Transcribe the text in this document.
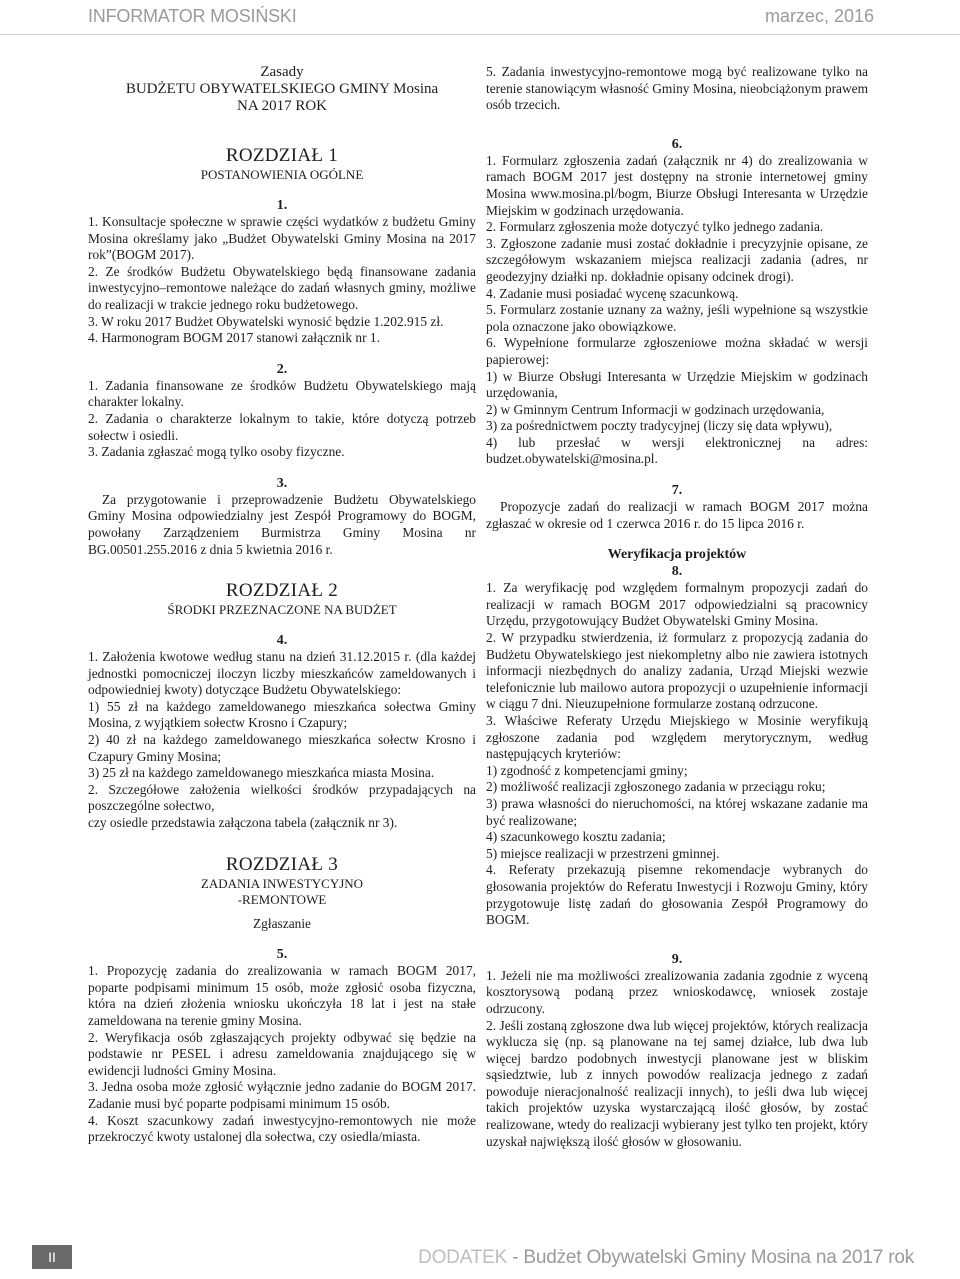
INFORMATOR MOSIŃSKI	marzec, 2016

Zasady

BUDŻETU OBYWATELSKIEGO GMINY Mosina

NA 2017 ROK

ROZDZIAŁ 1

POSTANOWIENIA OGÓLNE

1.

1. Konsultacje społeczne w sprawie części wydatków z budżetu Gminy Mosina określamy jako „Budżet Obywatelski Gminy Mosina na 2017 rok”(BOGM 2017).

2. Ze środków Budżetu Obywatelskiego będą finansowane zadania inwestycyjno–remontowe należące do zadań własnych gminy, możliwe do realizacji w trakcie jednego roku budżetowego.

3. W roku 2017 Budżet Obywatelski wynosić będzie 1.202.915 zł.

4. Harmonogram BOGM 2017 stanowi załącznik nr 1.

2.

1. Zadania finansowane ze środków Budżetu Obywatelskiego mają charakter lokalny.

2. Zadania o charakterze lokalnym to takie, które dotyczą potrzeb sołectw i osiedli.

3. Zadania zgłaszać mogą tylko osoby fizyczne.

3.

Za przygotowanie i przeprowadzenie Budżetu Obywatelskiego Gminy Mosina odpowiedzialny jest Zespół Programowy do BOGM, powołany Zarządzeniem Burmistrza Gminy Mosina nr BG.00501.255.2016 z dnia 5 kwietnia 2016 r.

ROZDZIAŁ 2

ŚRODKI PRZEZNACZONE NA BUDŻET

4.

1. Założenia kwotowe według stanu na dzień 31.12.2015 r. (dla każdej jednostki pomocniczej iloczyn liczby mieszkańców zameldowanych i odpowiedniej kwoty) dotyczące Budżetu Obywatelskiego:

1) 55 zł na każdego zameldowanego mieszkańca sołectwa Gminy Mosina, z wyjątkiem sołectw Krosno i Czapury;

2) 40 zł na każdego zameldowanego mieszkańca sołectw Krosno i Czapury Gminy Mosina;

3) 25 zł na każdego zameldowanego mieszkańca miasta Mosina.

2. Szczegółowe założenia wielkości środków przypadających na poszczególne sołectwo,

czy osiedle przedstawia załączona tabela (załącznik nr 3).

ROZDZIAŁ 3

ZADANIA INWESTYCYJNO

-REMONTOWE

Zgłaszanie

5.

1. Propozycję zadania do zrealizowania w ramach BOGM 2017, poparte podpisami minimum 15 osób, może zgłosić osoba fizyczna, która na dzień złożenia wniosku ukończyła 18 lat i jest na stałe zameldowana na terenie gminy Mosina.

2. Weryfikacja osób zgłaszających projekty odbywać się będzie na podstawie nr PESEL i adresu zameldowania znajdującego się w ewidencji ludności Gminy Mosina.

3. Jedna osoba może zgłosić wyłącznie jedno zadanie do BOGM 2017. Zadanie musi być poparte podpisami minimum 15 osób.

4. Koszt szacunkowy zadań inwestycyjno-remontowych nie może przekroczyć kwoty ustalonej dla sołectwa, czy osiedla/miasta.

5. Zadania inwestycyjno-remontowe mogą być realizowane tylko na terenie stanowiącym własność Gminy Mosina, nieobciążonym prawem osób trzecich.

6.

1. Formularz zgłoszenia zadań (załącznik nr 4) do zrealizowania w ramach BOGM 2017 jest dostępny na stronie internetowej gminy Mosina www.mosina.pl/bogm, Biurze Obsługi Interesanta w Urzędzie Miejskim w godzinach urzędowania.

2. Formularz zgłoszenia może dotyczyć tylko jednego zadania.

3. Zgłoszone zadanie musi zostać dokładnie i precyzyjnie opisane, ze szczegółowym wskazaniem miejsca realizacji zadania (adres, nr geodezyjny działki np. dokładnie opisany odcinek drogi).

4. Zadanie musi posiadać wycenę szacunkową.

5. Formularz zostanie uznany za ważny, jeśli wypełnione są wszystkie pola oznaczone jako obowiązkowe.

6. Wypełnione formularze zgłoszeniowe można składać w wersji papierowej:

1) w Biurze Obsługi Interesanta w Urzędzie Miejskim w godzinach urzędowania,

2) w Gminnym Centrum Informacji w godzinach urzędowania,

3) za pośrednictwem poczty tradycyjnej (liczy się data wpływu),

4) lub przesłać w wersji elektronicznej na adres: budzet.obywatelski@mosina.pl.

7.

Propozycje zadań do realizacji w ramach BOGM 2017 można zgłaszać w okresie od 1 czerwca 2016 r. do 15 lipca 2016 r.

Weryfikacja projektów

8.

1. Za weryfikację pod względem formalnym propozycji zadań do realizacji w ramach BOGM 2017 odpowiedzialni są pracownicy Urzędu, przygotowujący Budżet Obywatelski Gminy Mosina.

2. W przypadku stwierdzenia, iż formularz z propozycją zadania do Budżetu Obywatelskiego jest niekompletny albo nie zawiera istotnych informacji niezbędnych do analizy zadania, Urząd Miejski wezwie telefonicznie lub mailowo autora propozycji o uzupełnienie informacji w ciągu 7 dni. Nieuzupełnione formularze zostaną odrzucone.

3. Właściwe Referaty Urzędu Miejskiego w Mosinie weryfikują zgłoszone zadania pod względem merytorycznym, według następujących kryteriów:

1) zgodność z kompetencjami gminy;

2) możliwość realizacji zgłoszonego zadania w przeciągu roku;

3) prawa własności do nieruchomości, na której wskazane zadanie ma być realizowane;

4) szacunkowego kosztu zadania;

5) miejsce realizacji w przestrzeni gminnej.

4. Referaty przekazują pisemne rekomendacje wybranych do głosowania projektów do Referatu Inwestycji i Rozwoju Gminy, który przygotowuje listę zadań do głosowania Zespół Programowy do BOGM.

9.

1. Jeżeli nie ma możliwości zrealizowania zadania zgodnie z wyceną kosztorysową podaną przez wnioskodawcę, wniosek zostaje odrzucony.

2. Jeśli zostaną zgłoszone dwa lub więcej projektów, których realizacja wyklucza się (np. są planowane na tej samej działce, lub dwa lub więcej bardzo podobnych inwestycji planowane jest w bliskim sąsiedztwie, lub z innych powodów realizacja jednego z zadań powoduje nieracjonalność realizacji innych), to jeśli dwa lub więcej takich projektów uzyska wystarczającą ilość głosów, by zostać realizowane, wtedy do realizacji wybierany jest tylko ten projekt, który uzyskał największą ilość głosów w głosowaniu.

II	DODATEK - Budżet Obywatelski Gminy Mosina na 2017 rok
